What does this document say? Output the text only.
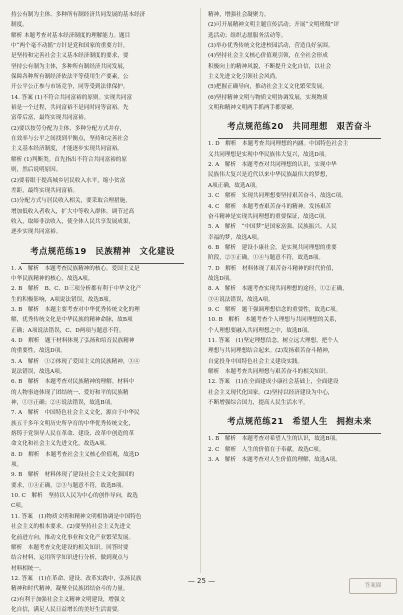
持公有制为主体、多种所有制经济共同发展的基本经济

制度。

解析 本题考查对基本经济制度的理解能力。题目

中“两个毫不动摇”方针是党和国家的重要方针，

是坚持和完善社会主义基本经济制度的要求，要

坚持公有制为主体，多种所有制经济共同发展，

保障各种所有制经济依法平等使用生产要素，公

开公平公正参与市场竞争，同等受到法律保护。

14. 答案 (1)不符合共同富裕的原则。实现共同富

裕是一个过程，共同富裕不是同时同等富裕。先

富带后富，最终实现共同富裕。

(2)要以按劳分配为主体、多种分配方式并存，

在效率与公平之间找到平衡点，坚持和完善社会

主义基本经济制度，才能逐步实现共同富裕。

解析 (1)判断类。首先指出不符合共同富裕的原

则，然后说明原因。

(2)要着眼于提高城乡居民收入水平，缩小贫富

差距，最终实现共同富裕。

(3)分配方式与居民收入相关，要采取合理措施，

增加低收入者收入，扩大中等收入群体，调节过高

收入，取缔非法收入，使全体人民共享发展成果，

逐步实现共同富裕。

考点规范练19　民族精神　文化建设

1. A　解析　本题考查民族精神的核心。爱国主义是

中华民族精神的核心，故选A项。

2. B　解析　B、C、D三项分析都有利于中华文化产

生的积极影响，A项说法错误，故选B项。

3. B　解析　本题主要考查对中华优秀传统文化的理

解，优秀传统文化是中华民族的精神命脉，故B项

正确；A项说法错误，C、D两项与题意不符。

4. D　解析　题干材料体现了弘扬和培育民族精神

的重要性，故选D项。

5. A　解析　①②体现了爱国主义的民族精神，③④

说法错误，故选A项。

6. B　解析　本题考查对民族精神的理解。材料中

的人物事迹体现了团结统一、爱好和平的民族精

神，①③正确；②④说法错误，故选B项。

7. A　解析　中国特色社会主义文化，源自于中华民

族五千多年文明历史所孕育的中华优秀传统文化，

熔铸于党领导人民在革命、建设、改革中创造的革

命文化和社会主义先进文化，故选A项。

8. D　解析　本题考查社会主义核心价值观，故选D

项。

9. B　解析　材料体现了建设社会主义文化强国的

要求，①④正确，②③与题意不符，故选B项。

10. C　解析　坚持以人民为中心的创作导向，故选

C项。

11. 答案　(1)物质文明和精神文明相协调是中国特色

社会主义的根本要求。(2)要坚持社会主义先进文

化前进方向，推动文化事业和文化产业繁荣发展。

解析　本题考查文化建设的相关知识。回答时要

结合材料，运用所学知识进行分析，做到观点与

材料相统一。

12. 答案　(1)在革命、建设、改革实践中，弘扬民族

精神和时代精神，凝聚全民族团结奋斗的力量。

(2)有利于加强社会主义精神文明建设，增强文

化自信，满足人民日益增长的美好生活需要。

精神，增强社会凝聚力。

(2)可开展精神文明主题宣传活动；开展“文明班级”评

选活动；组织志愿服务活动等。

(3)举办优秀传统文化进校园活动，营造良好氛围。

(4)坚持社会主义核心价值观引领，在全社会形成

积极向上的精神风貌，不断提升文化自信，以社会

主义先进文化引领社会风尚。

(5)把握正确导向，推动社会主义文化繁荣发展。

(6)坚持精神文明与物质文明协调发展，实现物质

文明和精神文明两手抓两手都要硬。

考点规范练20　共同理想　艰苦奋斗

1. D　解析　本题考查共同理想的内涵。中国特色社会主

义共同理想是实现中华民族伟大复兴，故选D项。

2. A　解析　本题考查对共同理想的认识，实现中华

民族伟大复兴是近代以来中华民族最伟大的梦想，

A项正确，故选A项。

3. C　解析　实现共同理想要坚持艰苦奋斗，故选C项。

4. C　解析　本题考查艰苦奋斗的精神。发扬艰苦

奋斗精神是实现共同理想的重要保证，故选C项。

5. A　解析　“中国梦”是国家富强、民族振兴、人民

幸福的梦，故选A项。

6. B　解析　建设小康社会，是实现共同理想的重要

阶段，②③正确，①④与题意不符，故选B项。

7. D　解析　材料体现了艰苦奋斗精神的时代价值，

故选D项。

8. A　解析　本题考查实现共同理想的途径，①②正确，

③④说法错误，故选A项。

9. C　解析　题干强调理想信念的重要性，故选C项。

10. B　解析　本题考查个人理想与共同理想的关系，

个人理想要融入共同理想之中，故选B项。

11. 答案　(1)坚定理想信念，树立远大理想，把个人

理想与共同理想结合起来。(2)发扬艰苦奋斗精神，

自觉投身中国特色社会主义建设实践。

解析　本题考查共同理想与艰苦奋斗的相关知识。

12. 答案　(1)在全面建成小康社会基础上，全面建设

社会主义现代化国家。(2)坚持以经济建设为中心，

不断增强综合国力，提高人民生活水平。

考点规范练21　希望人生　拥抱未来

1. B　解析　本题考查对希望人生的认识，故选B项。

2. C　解析　人生的价值在于奉献，故选C项。

3. A　解析　本题考查对人生价值的理解，故选A项。

— 25 —
答案圈
